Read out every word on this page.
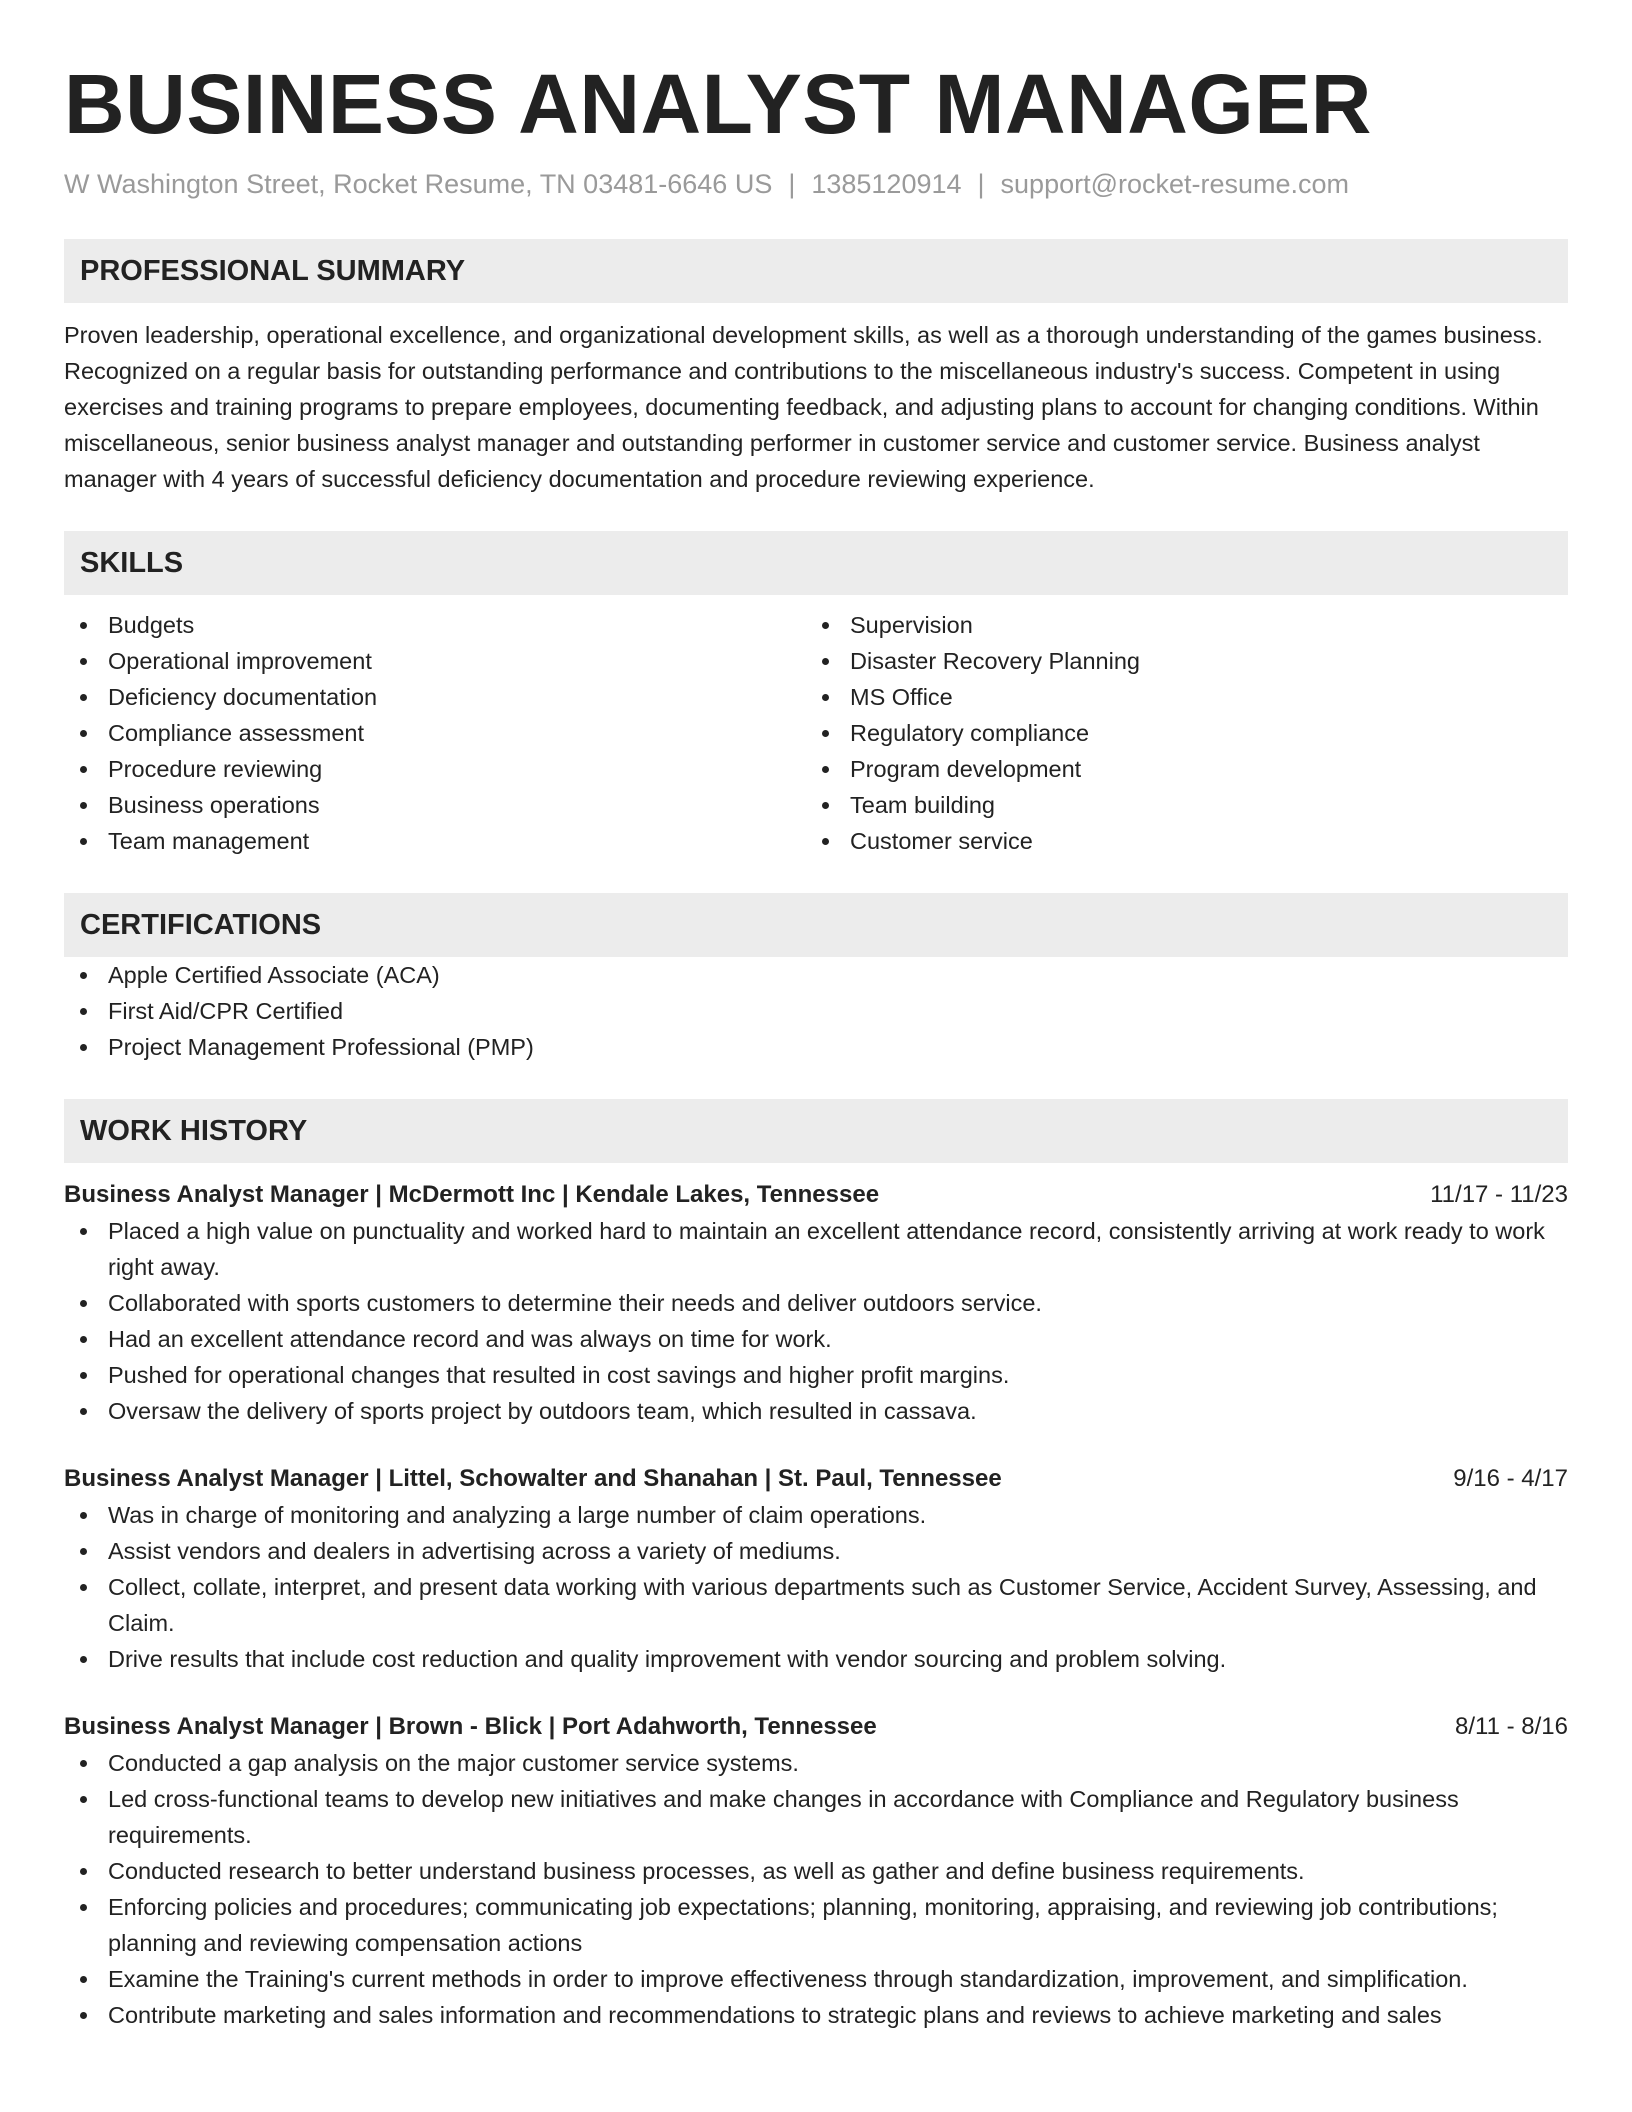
BUSINESS ANALYST MANAGER
W Washington Street, Rocket Resume, TN 03481-6646 US | 1385120914 | support@rocket-resume.com
PROFESSIONAL SUMMARY

Proven leadership, operational excellence, and organizational development skills, as well as a thorough understanding of the games business. Recognized on a regular basis for outstanding performance and contributions to the miscellaneous industry's success. Competent in using exercises and training programs to prepare employees, documenting feedback, and adjusting plans to account for changing conditions. Within miscellaneous, senior business analyst manager and outstanding performer in customer service and customer service. Business analyst manager with 4 years of successful deficiency documentation and procedure reviewing experience.

SKILLS
Budgets
Operational improvement
Deficiency documentation
Compliance assessment
Procedure reviewing
Business operations
Team management
Supervision
Disaster Recovery Planning
MS Office
Regulatory compliance
Program development
Team building
Customer service
CERTIFICATIONS
Apple Certified Associate (ACA)
First Aid/CPR Certified
Project Management Professional (PMP)
WORK HISTORY
Business Analyst Manager | McDermott Inc | Kendale Lakes, Tennessee	11/17 - 11/23
Placed a high value on punctuality and worked hard to maintain an excellent attendance record, consistently arriving at work ready to work right away.
Collaborated with sports customers to determine their needs and deliver outdoors service.
Had an excellent attendance record and was always on time for work.
Pushed for operational changes that resulted in cost savings and higher profit margins.
Oversaw the delivery of sports project by outdoors team, which resulted in cassava.
Business Analyst Manager | Littel, Schowalter and Shanahan | St. Paul, Tennessee	9/16 - 4/17
Was in charge of monitoring and analyzing a large number of claim operations.
Assist vendors and dealers in advertising across a variety of mediums.
Collect, collate, interpret, and present data working with various departments such as Customer Service, Accident Survey, Assessing, and Claim.
Drive results that include cost reduction and quality improvement with vendor sourcing and problem solving.
Business Analyst Manager | Brown - Blick | Port Adahworth, Tennessee	8/11 - 8/16
Conducted a gap analysis on the major customer service systems.
Led cross-functional teams to develop new initiatives and make changes in accordance with Compliance and Regulatory business requirements.
Conducted research to better understand business processes, as well as gather and define business requirements.
Enforcing policies and procedures; communicating job expectations; planning, monitoring, appraising, and reviewing job contributions; planning and reviewing compensation actions
Examine the Training's current methods in order to improve effectiveness through standardization, improvement, and simplification.
Contribute marketing and sales information and recommendations to strategic plans and reviews to achieve marketing and sales
